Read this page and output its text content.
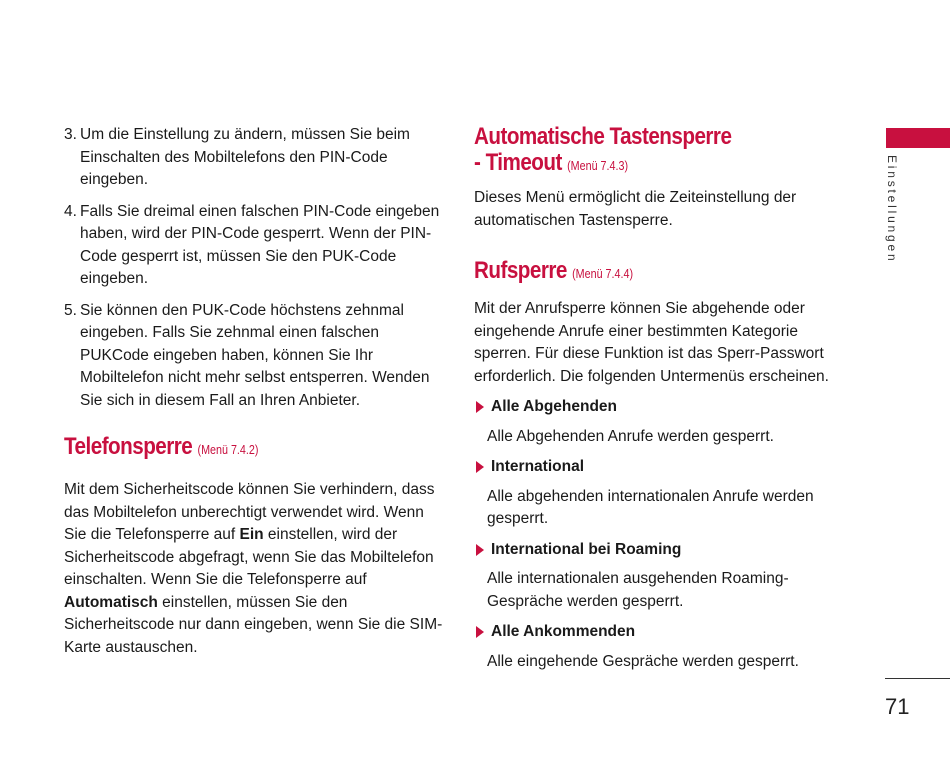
3. Um die Einstellung zu ändern, müssen Sie beim Einschalten des Mobiltelefons den PIN-Code eingeben.
4. Falls Sie dreimal einen falschen PIN-Code eingeben haben, wird der PIN-Code gesperrt. Wenn der PIN-Code gesperrt ist, müssen Sie den PUK-Code eingeben.
5. Sie können den PUK-Code höchstens zehnmal eingeben. Falls Sie zehnmal einen falschen PUKCode eingeben haben, können Sie Ihr Mobiltelefon nicht mehr selbst entsperren. Wenden Sie sich in diesem Fall an Ihren Anbieter.
Telefonsperre (Menü 7.4.2)

Mit dem Sicherheitscode können Sie verhindern, dass das Mobiltelefon unberechtigt verwendet wird. Wenn Sie die Telefonsperre auf Ein einstellen, wird der Sicherheitscode abgefragt, wenn Sie das Mobiltelefon einschalten. Wenn Sie die Telefonsperre auf Automatisch einstellen, müssen Sie den Sicherheitscode nur dann eingeben, wenn Sie die SIM-Karte austauschen.

Automatische Tastensperre
- Timeout (Menü 7.4.3)

Dieses Menü ermöglicht die Zeiteinstellung der automatischen Tastensperre.

Rufsperre (Menü 7.4.4)

Mit der Anrufsperre können Sie abgehende oder eingehende Anrufe einer bestimmten Kategorie sperren. Für diese Funktion ist das Sperr-Passwort erforderlich. Die folgenden Untermenüs erscheinen.

Alle Abgehenden
Alle Abgehenden Anrufe werden gesperrt.
International
Alle abgehenden internationalen Anrufe werden gesperrt.
International bei Roaming
Alle internationalen ausgehenden Roaming-Gespräche werden gesperrt.
Alle Ankommenden
Alle eingehende Gespräche werden gesperrt.
Einstellungen
71
